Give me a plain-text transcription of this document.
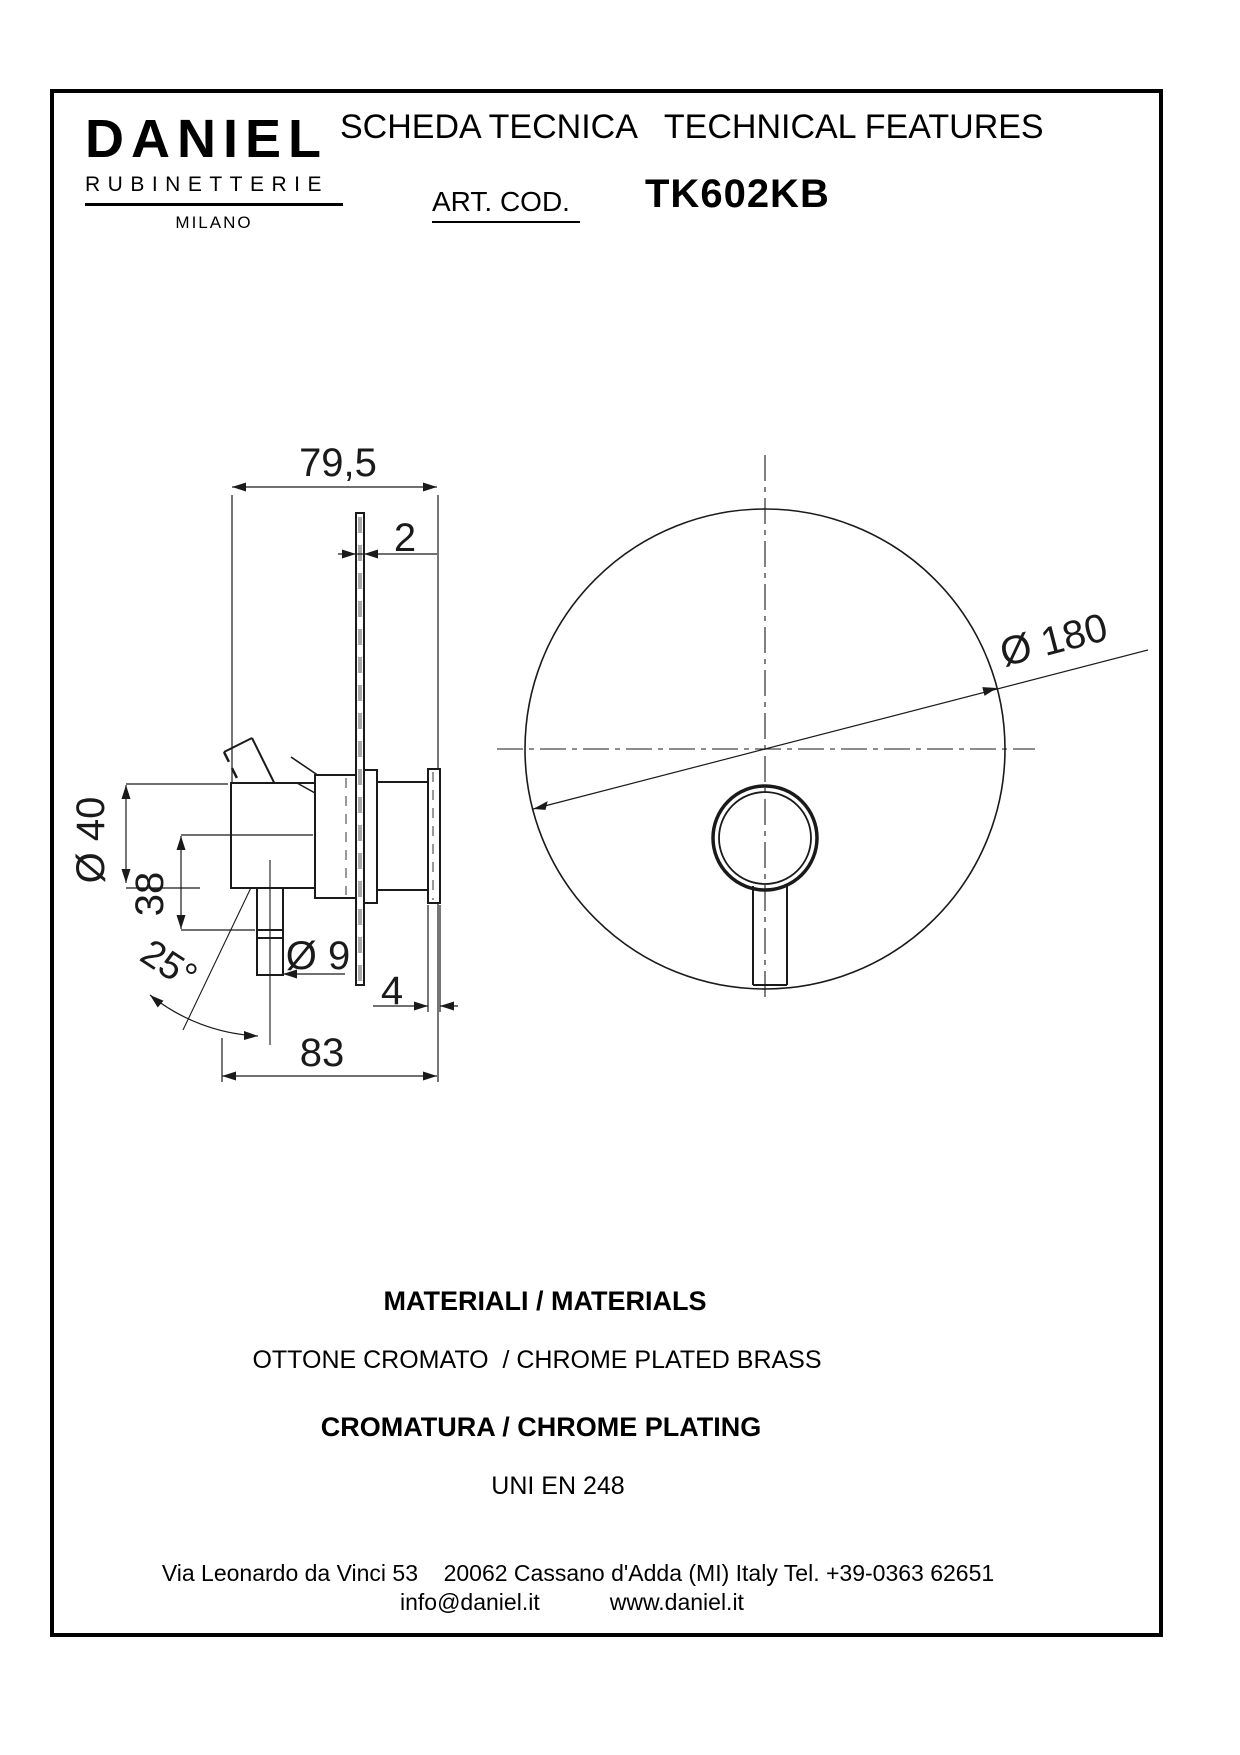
DANIEL
RUBINETTERIE
MILANO
SCHEDA TECNICA TECHNICAL FEATURES
ART. COD. TK602KB
79,5
2
Ø 40
38
25° Ø 9
4
83
Ø 180
MATERIALI / MATERIALS
OTTONE CROMATO  / CHROME PLATED BRASS
CROMATURA / CHROME PLATING
UNI EN 248
Via Leonardo da Vinci 53    20062 Cassano d'Adda (MI) Italy Tel. +39-0363 62651
info@daniel.it	www.daniel.it
